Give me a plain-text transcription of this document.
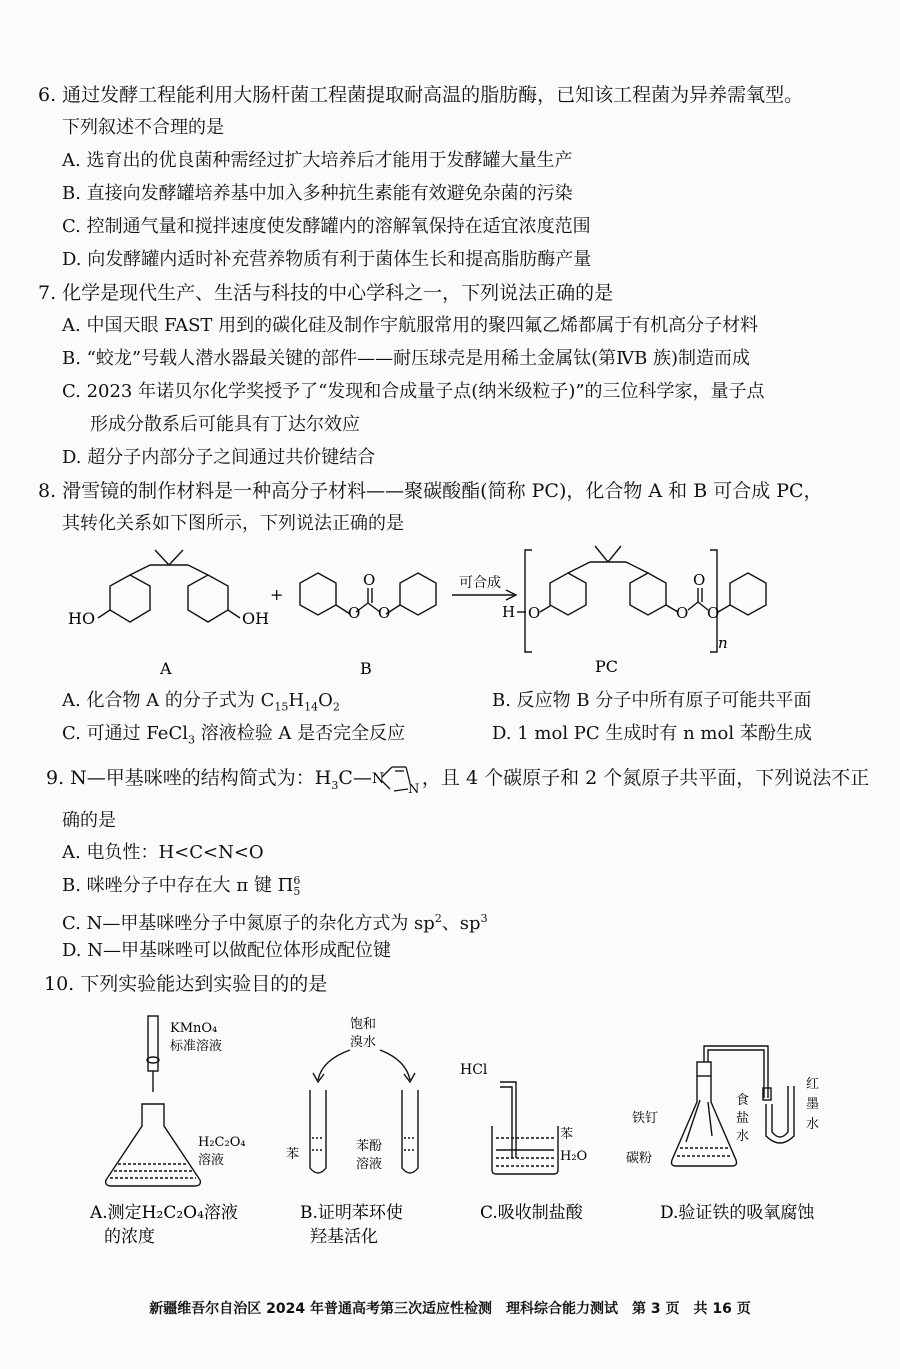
6. 通过发酵工程能利用大肠杆菌工程菌提取耐高温的脂肪酶，已知该工程菌为异养需氧型。
下列叙述不合理的是
A. 选育出的优良菌种需经过扩大培养后才能用于发酵罐大量生产
B. 直接向发酵罐培养基中加入多种抗生素能有效避免杂菌的污染
C. 控制通气量和搅拌速度使发酵罐内的溶解氧保持在适宜浓度范围
D. 向发酵罐内适时补充营养物质有利于菌体生长和提高脂肪酶产量
7. 化学是现代生产、生活与科技的中心学科之一，下列说法正确的是
A. 中国天眼 FAST 用到的碳化硅及制作宇航服常用的聚四氟乙烯都属于有机高分子材料
B. “蛟龙”号载人潜水器最关键的部件——耐压球壳是用稀土金属钛(第ⅣB 族)制造而成
C. 2023 年诺贝尔化学奖授予了“发现和合成量子点(纳米级粒子)”的三位科学家，量子点
形成分散系后可能具有丁达尔效应
D. 超分子内部分子之间通过共价键结合
8. 滑雪镜的制作材料是一种高分子材料——聚碳酸酯(简称 PC)，化合物 A 和 B 可合成 PC，
其转化关系如下图所示，下列说法正确的是
HO	OH
+
O
O
O
可合成
H O	O
O
O
n
A	B	PC
A. 化合物 A 的分子式为 $C_{15}H_{14}O_2$	B. 反应物 B 分子中所有原子可能共平面
C. 可通过 FeCl$_3$ 溶液检验 A 是否完全反应	D. 1 mol PC 生成时有 n mol 苯酚生成
9. N—甲基咪唑的结构简式为：$H_3C—$ N
N
，且 4 个碳原子和 2 个氮原子共平面，下列说法不正
确的是
A. 电负性：H<C<N<O
B. 咪唑分子中存在大 π 键 Π 6
5
C. N—甲基咪唑分子中氮原子的杂化方式为 $sp^2$、$sp^3$
D. N—甲基咪唑可以做配位体形成配位键
10. 下列实验能达到实验目的的是
KMnO₄
标准溶液
H₂C₂O₄
溶液
A.测定H₂C₂O₄溶液
的浓度
饱和
溴水
苯
苯酚
溶液
B.证明苯环使
羟基活化
HCl
苯
H₂O
C.吸收制盐酸
铁钉
碳粉
食
盐
水
红
墨
水
D.验证铁的吸氧腐蚀
新疆维吾尔自治区 2024 年普通高考第三次适应性检测　理科综合能力测试　第 3 页　共 16 页
